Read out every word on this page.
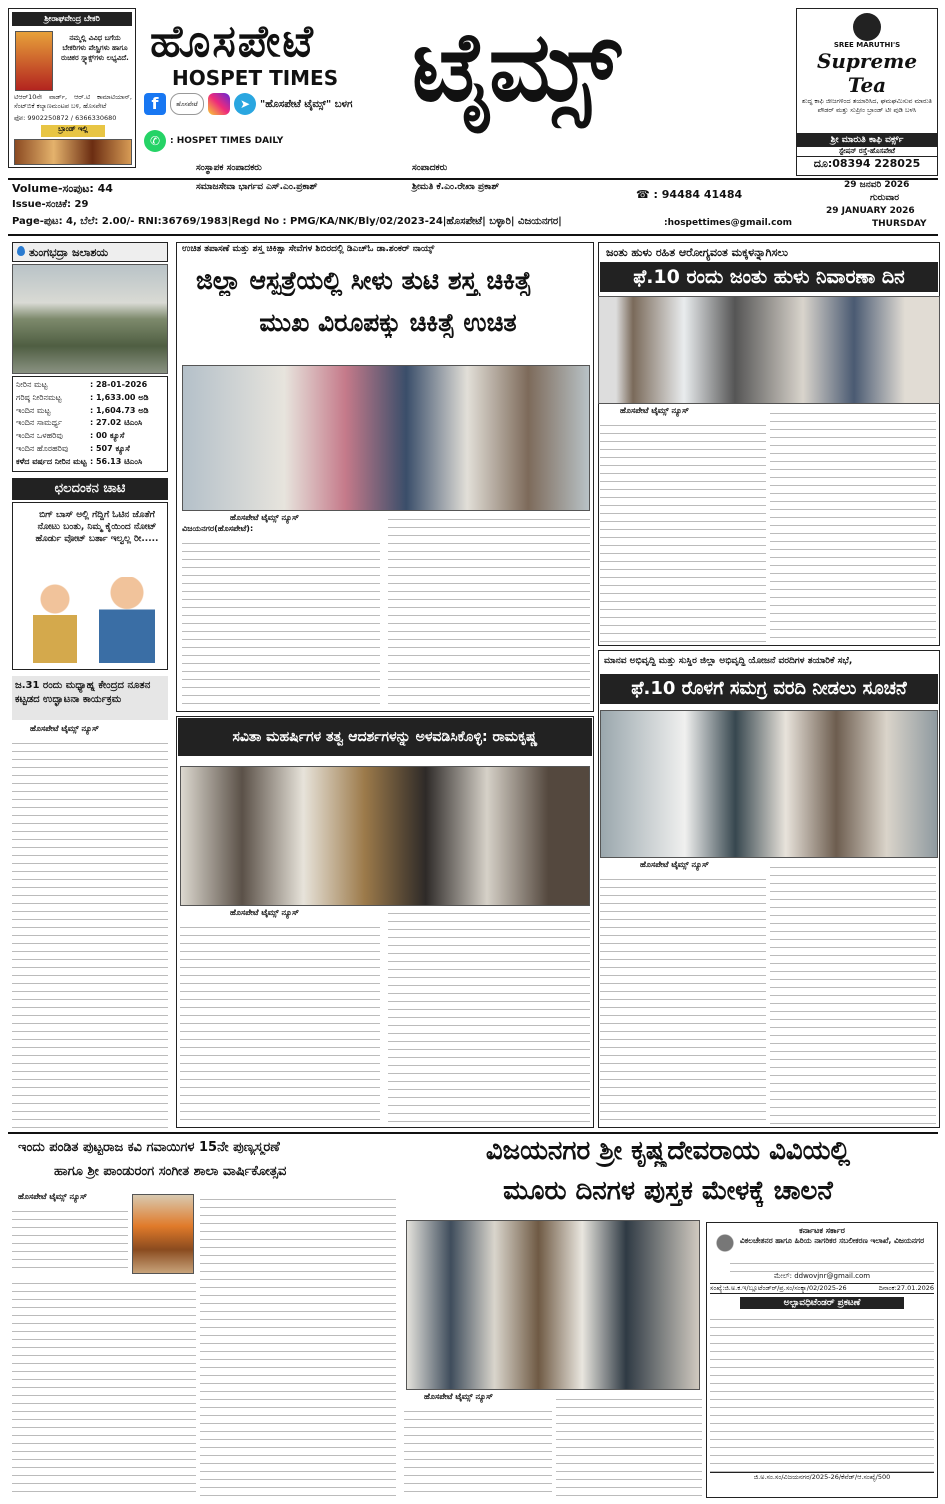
ಶ್ರೀರಾಘವೇಂದ್ರ ಬೇಕರಿ
ನಮ್ಮಲ್ಲಿ ವಿವಿಧ ಬಗೆಯ ಬೇಕರಿಗಳು ಪೇಸ್ಟ್ರಿಗಳು ಹಾಗೂ ರುಚಿಕರ ಸ್ನ್ಯಾಕ್ಸ್‌ಗಳು ಲಭ್ಯವಿದೆ.
ಟಿಆರ್‌10ನೇ ವಾರ್ಡ್, ಆರ್.ಟಿ ಕಾಮಾಟಿಯಾನ್, ಸೆಂಟ್‌ಬಿಕೆ ಕಲ್ಯಾಣಮಂಟಪ ಬಳಿ, ಹೊಸಪೇಟೆ
ಫೋ: 9902250872 / 6366330680
ಬ್ರಾಂಡ್ ಇಲ್ಲಿ
ಹೊಸಪೇಟೆ
HOSPET TIMES ಟೈಮ್ಸ್
f	ಹೊಸಪೇಟೆ	➤ "ಹೊಸಪೇಟೆ ಟೈಮ್ಸ್" ಬಳಗ
✆	: HOSPET TIMES DAILY
ಸಂಸ್ಥಾಪಕ ಸಂಪಾದಕರು	ಸಂಪಾದಕರು
SREE MARUTHI'S
Supreme Tea
ಶುದ್ಧ ಕಾಫಿ ಜೀಜಗಳಿಂದ ತಯಾರಿಸಿದ, ಘಮಘಮಿಸುವ ಮಾರುತಿ ಪೌಡರ್ ಮತ್ತು ಸುಪ್ರೀಂ ಬ್ರಾಂಡ್ ಟೀ ಪುಡಿ ಬಳಸಿ
ಶ್ರೀ ಮಾರುತಿ ಕಾಫಿ ವರ್ಕ್ಸ್
ಸ್ಟೇಷನ್ ರಸ್ತೆ-ಹೊಸಪೇಟೆ
ದೂ:08394 228025
Volume-ಸಂಪುಟ: 44	ಸಮಾಜಸೇವಾ ಭಾರ್ಗವ ಎಸ್.ಎಂ.ಪ್ರಕಾಶ್	ಶ್ರೀಮತಿ ಕೆ.ಎಂ.ರೇಖಾ ಪ್ರಕಾಶ್
☎ : 94484 41484
29 ಜನವರಿ 2026
Issue-ಸಂಚಿಕೆ: 29
ಗುರುವಾರ
29 JANUARY 2026
Page-ಪುಟ: 4, ಬೆಲೆ: 2.00/- RNI:36769/1983|Regd No : PMG/KA/NK/Bly/02/2023-24|ಹೊಸಪೇಟೆ| ಬಳ್ಳಾರಿ| ವಿಜಯನಗರ|	:hospettimes@gmail.com	THURSDAY
ತುಂಗಭದ್ರಾ ಜಲಾಶಯ
ನೀರಿನ ಮಟ್ಟ	: 28-01-2026
ಗರಿಷ್ಠ ನೀರಿನಮಟ್ಟ	: 1,633.00 ಅಡಿ
ಇಂದಿನ ಮಟ್ಟ	: 1,604.73 ಅಡಿ
ಇಂದಿನ ಸಾಮರ್ಥ್ಯ	: 27.02 ಟಿಎಂಸಿ
ಇಂದಿನ ಒಳಹರಿವು	: 00 ಕ್ಯೂಸೆ
ಇಂದಿನ ಹೊರಹರಿವು	: 507 ಕ್ಯೂಸೆ
ಕಳೆದ ವರ್ಷದ ನೀರಿನ ಮಟ್ಟ : 56.13 ಟಿಎಂಸಿ
ಛಲದಂಕನ ಚಾಟಿ
ಬಿಗ್ ಬಾಸ್ ಅಲ್ಲಿ ಗೆದ್ದಿಗೆ ಓಟಿನ ಜೊತೆಗೆ ನೋಟು ಬಂತು, ನಿಮ್ಮ ಕೈಯಿಂದ ನೋಟ್ ಹೊರ್ಡು ವೋಟ್ ಬರ್ತಾ ಇಲ್ವಲ್ಲ ರೀ.....
ಜ.31 ರಂದು ಮಧ್ಯಾಹ್ನ ಕೇಂದ್ರದ ನೂತನ ಕಟ್ಟಡದ ಉದ್ಘಾಟನಾ ಕಾರ್ಯಕ್ರಮ
ಹೊಸಪೇಟೆ ಟೈಮ್ಸ್ ನ್ಯೂಸ್
ಉಚಿತ ತಪಾಸಣೆ ಮತ್ತು ಶಸ್ತ್ರ ಚಿಕಿತ್ಸಾ ಸೇವೆಗಳ ಶಿಬಿರದಲ್ಲಿ ಡಿಎಚ್‌ಓ ಡಾ.ಶಂಕರ್ ನಾಯ್ಕ್
ಜಿಲ್ಲಾ ಆಸ್ಪತ್ರೆಯಲ್ಲಿ ಸೀಳು ತುಟಿ ಶಸ್ತ್ರ ಚಿಕಿತ್ಸೆ
ಮುಖ ವಿರೂಪಕ್ಕು ಚಿಕಿತ್ಸೆ ಉಚಿತ
ಹೊಸಪೇಟೆ ಟೈಮ್ಸ್ ನ್ಯೂಸ್
ವಿಜಯನಗರ(ಹೊಸಪೇಟೆ):
ಜಂತು ಹುಳು ರಹಿತ ಆರೋಗ್ಯವಂತ ಮಕ್ಕಳನ್ನಾಗಿಸಲು
ಫೆ.10 ರಂದು ಜಂತು ಹುಳು ನಿವಾರಣಾ ದಿನ
ಹೊಸಪೇಟೆ ಟೈಮ್ಸ್ ನ್ಯೂಸ್
ಮಾನವ ಅಭಿವೃದ್ಧಿ ಮತ್ತು ಸುಸ್ಥಿರ ಜಿಲ್ಲಾ ಅಭಿವೃದ್ಧಿ ಯೋಜನೆ ವರದಿಗಳ ತಯಾರಿಕೆ ಸಭೆ,
ಫೆ.10 ರೊಳಗೆ ಸಮಗ್ರ ವರದಿ ನೀಡಲು ಸೂಚನೆ
ಹೊಸಪೇಟೆ ಟೈಮ್ಸ್ ನ್ಯೂಸ್
ಸವಿತಾ ಮಹರ್ಷಿಗಳ ತತ್ವ ಆದರ್ಶಗಳನ್ನು ಅಳವಡಿಸಿಕೊಳ್ಳಿ: ರಾಮಕೃಷ್ಣ
ಹೊಸಪೇಟೆ ಟೈಮ್ಸ್ ನ್ಯೂಸ್
ಇಂದು ಪಂಡಿತ ಪುಟ್ಟರಾಜ ಕವಿ ಗವಾಯಿಗಳ 15ನೇ ಪುಣ್ಯಸ್ಮರಣೆ
ಹಾಗೂ ಶ್ರೀ ಪಾಂಡುರಂಗ ಸಂಗೀತ ಶಾಲಾ ವಾರ್ಷಿಕೋತ್ಸವ
ಹೊಸಪೇಟೆ ಟೈಮ್ಸ್ ನ್ಯೂಸ್
ವಿಜಯನಗರ ಶ್ರೀ ಕೃಷ್ಣದೇವರಾಯ ವಿವಿಯಲ್ಲಿ
ಮೂರು ದಿನಗಳ ಪುಸ್ತಕ ಮೇಳಕ್ಕೆ ಚಾಲನೆ
ಹೊಸಪೇಟೆ ಟೈಮ್ಸ್ ನ್ಯೂಸ್
ಕರ್ನಾಟಕ ಸರ್ಕಾರ
ವಿಕಲಚೇತನರ ಹಾಗೂ ಹಿರಿಯ ನಾಗರಿಕರ ಸಬಲೀಕರಣ ಇಲಾಖೆ, ವಿಜಯನಗರ
ಮೇಲ್: ddwovjnr@gmail.com
ಸಂಖ್ಯೆ:ಜಿ.ಅ.ಕ.ಇ/ಬ್ಲೂಟೆಂಡ್‌ರ್/ಪ್ರ.ಸಂ/ಸಂಕ್ಯಾ/02/2025-26	ದಿನಾಂಕ:27.01.2026
ಅಲ್ಪಾವಧಿಟೆಂಡರ್ ಪ್ರಕಟಣೆ
ಜಿ.ಅ.ಸಂ.ಸಂ/ವಿಜಯನಗರ/2025-26/ಕೆವೆಡ್/ಆ.ಸಂಖ್ಯೆ/500
